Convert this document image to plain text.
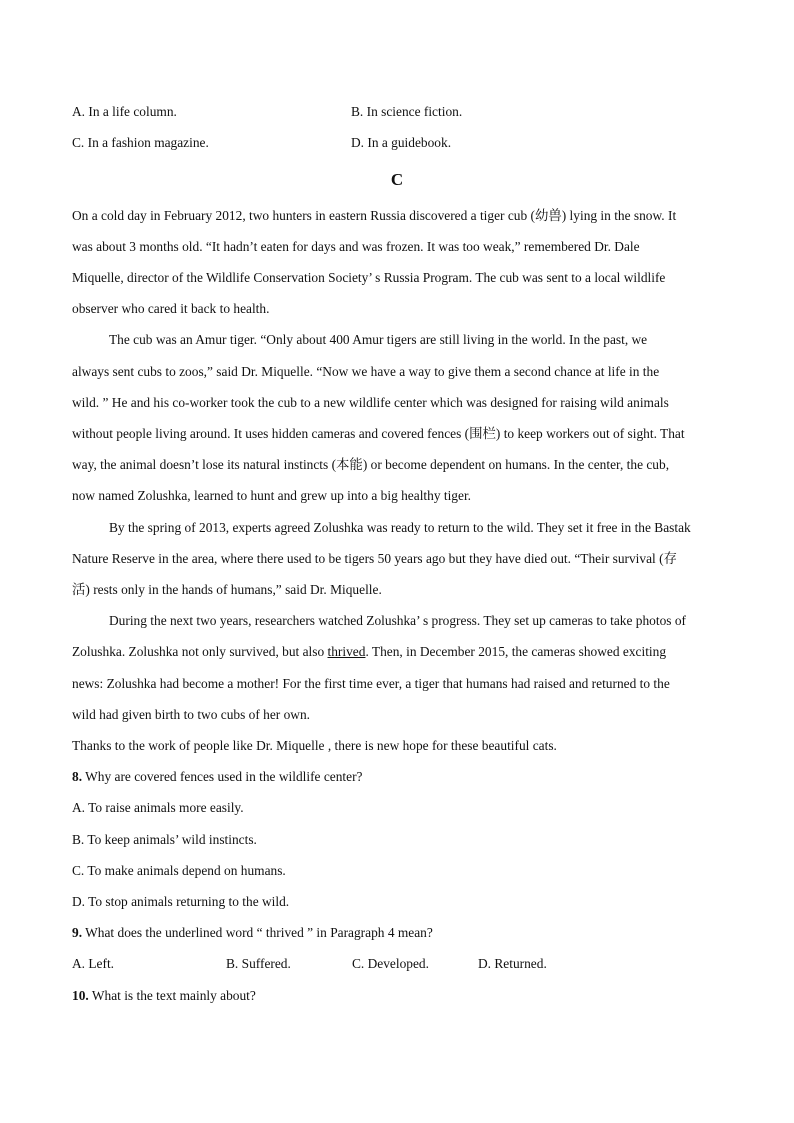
A. In a life column.	B. In science fiction.
C. In a fashion magazine.	D. In a guidebook.
C
On a cold day in February 2012, two hunters in eastern Russia discovered a tiger cub (幼兽) lying in the snow. It
was about 3 months old. “It hadn’t eaten for days and was frozen. It was too weak,” remembered Dr. Dale
Miquelle, director of the Wildlife Conservation Society’ s Russia Program. The cub was sent to a local wildlife
observer who cared it back to health.
The cub was an Amur tiger. “Only about 400 Amur tigers are still living in the world. In the past, we
always sent cubs to zoos,” said Dr. Miquelle. “Now we have a way to give them a second chance at life in the
wild. ” He and his co-worker took the cub to a new wildlife center which was designed for raising wild animals
without people living around. It uses hidden cameras and covered fences (围栏) to keep workers out of sight. That
way, the animal doesn’t lose its natural instincts (本能) or become dependent on humans. In the center, the cub,
now named Zolushka, learned to hunt and grew up into a big healthy tiger.
By the spring of 2013, experts agreed Zolushka was ready to return to the wild. They set it free in the Bastak
Nature Reserve in the area, where there used to be tigers 50 years ago but they have died out. “Their survival (存
活) rests only in the hands of humans,” said Dr. Miquelle.
During the next two years, researchers watched Zolushka’ s progress. They set up cameras to take photos of
Zolushka. Zolushka not only survived, but also thrived. Then, in December 2015, the cameras showed exciting
news: Zolushka had become a mother! For the first time ever, a tiger that humans had raised and returned to the
wild had given birth to two cubs of her own.
Thanks to the work of people like Dr. Miquelle , there is new hope for these beautiful cats.
8. Why are covered fences used in the wildlife center?
A. To raise animals more easily.
B. To keep animals’ wild instincts.
C. To make animals depend on humans.
D. To stop animals returning to the wild.
9. What does the underlined word “ thrived ” in Paragraph 4 mean?
A. Left.	B. Suffered.	C. Developed.	D. Returned.
10. What is the text mainly about?
